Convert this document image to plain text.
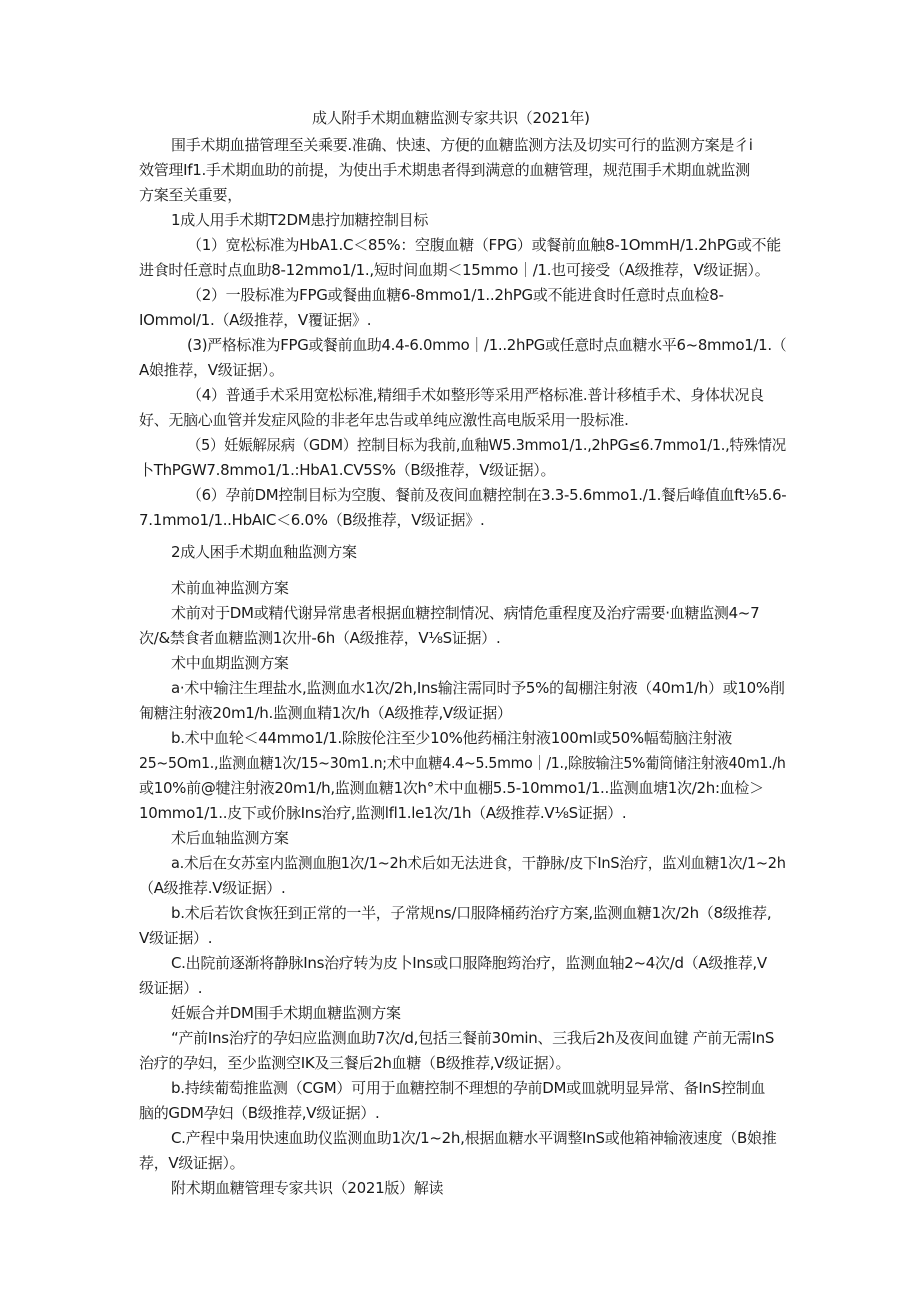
成人附手术期血糖监测专家共识（2021年)
围手术期血描管理至关乘要.准确、快速、方便的血糖监测方法及切实可行的监测方案是彳i
效管理If1.手术期血助的前提，为使出手术期患者得到满意的血糖管理，规范围手术期血就监测
方案至关重要，
1成人用手术期T2DM患拧加糖控制目标
（1）宽松标准为HbA1.C＜85%：空腹血糖（FPG）或餐前血触8-1OmmH/1.2hPG或不能
进食时任意时点血助8-12mmo1/1.,短时间血期＜15mmo｜/1.也可接受（A级推荐，V级证据）。
（2）一股标准为FPG或餐曲血糖6-8mmo1/1..2hPG或不能进食时任意时点血检8-
IOmmol/1.（A级推荐，V覆证据》.
(3)严格标准为FPG或餐前血助4.4-6.0mmo｜/1..2hPG或任意时点血糖水平6~8mmo1/1.（
A娘推荐，V级证据）。
（4）普通手术采用宽松标准,精细手术如整形等采用严格标准.普计移植手术、身体状况良
好、无脑心血管并发症风险的非老年忠告或单纯应激性高电版采用一股标准.
（5）妊娠解尿病（GDM）控制目标为我前,血釉W5.3mmo1/1.,2hPG≤6.7mmo1/1.,特殊情况
卜ThPGW7.8mmo1/1.:HbA1.CV5S%（B级推荐，V级证据）。
（6）孕前DM控制目标为空腹、餐前及夜间血糖控制在3.3-5.6mmo1./1.餐后峰值血ft⅛5.6-
7.1mmo1/1..HbAIC＜6.0%（B级推荐，V级证据》.
2成人困手术期血釉监测方案
术前血神监测方案
术前对于DM或精代谢异常患者根据血糖控制情况、病情危重程度及治疗需要·血糖监测4~7
次/&禁食者血糖监测1次卅-6h（A级推荐，V⅛S证据）.
术中血期监测方案
a·术中输注生理盐水,监测血水1次/2h,Ins输注需同时予5%的匐棚注射液（40m1/h）或10%削
匍糖注射液20m1/h.监测血精1次/h（A级推荐,V级证据）
b.术中血轮＜44mmo1/1.除胺伦注至少10%他药桶注射液100ml或50%幅萄脑注射液
25~5Om1.,监测血糖1次/15~30m1.n;术中血糖4.4~5.5mmo｜/1.,除胺输注5%葡筒储注射液40m1./h
或10%前@犍注射液20m1/h,监测血糖1次h°术中血棚5.5-10mmo1/1..监测血塘1次/2h:血检＞
10mmo1/1..皮下或价脉Ins治疗,监测lfl1.le1次/1h（A级推荐.V⅛S证据）.
术后血轴监测方案
a.术后在女苏室内监测血胞1次/1~2h术后如无法进食，干静脉/皮下InS治疗，监刈血糖1次/1~2h
（A级推荐.V级证据）.
b.术后若饮食恢狂到正常的一半，子常规ns/口服降桶药治疗方案,监测血糖1次/2h（8级推荐,
V级证据）.
C.出院前逐渐将静脉Ins治疗转为皮卜Ins或口服降胞筠治疗，监测血轴2~4次/d（A级推荐,V
级证据）.
妊娠合并DM围手术期血糖监测方案
“产前Ins治疗的孕妇应监测血助7次/d,包括三餐前30min、三我后2h及夜间血键 产前无需InS
治疗的孕妇，至少监测空IK及三餐后2h血糖（B级推荐,V级证据）。
b.持续葡萄推监测（CGM）可用于血糖控制不理想的孕前DM或皿就明显异常、备InS控制血
脑的GDM孕妇（B级推荐,V级证据）.
C.产程中枭用快速血助仪监测血助1次/1~2h,根据血糖水平调整InS或他箱神输液速度（B娘推
荐，V级证据）。
附术期血糖管理专家共识（2021版）解读
